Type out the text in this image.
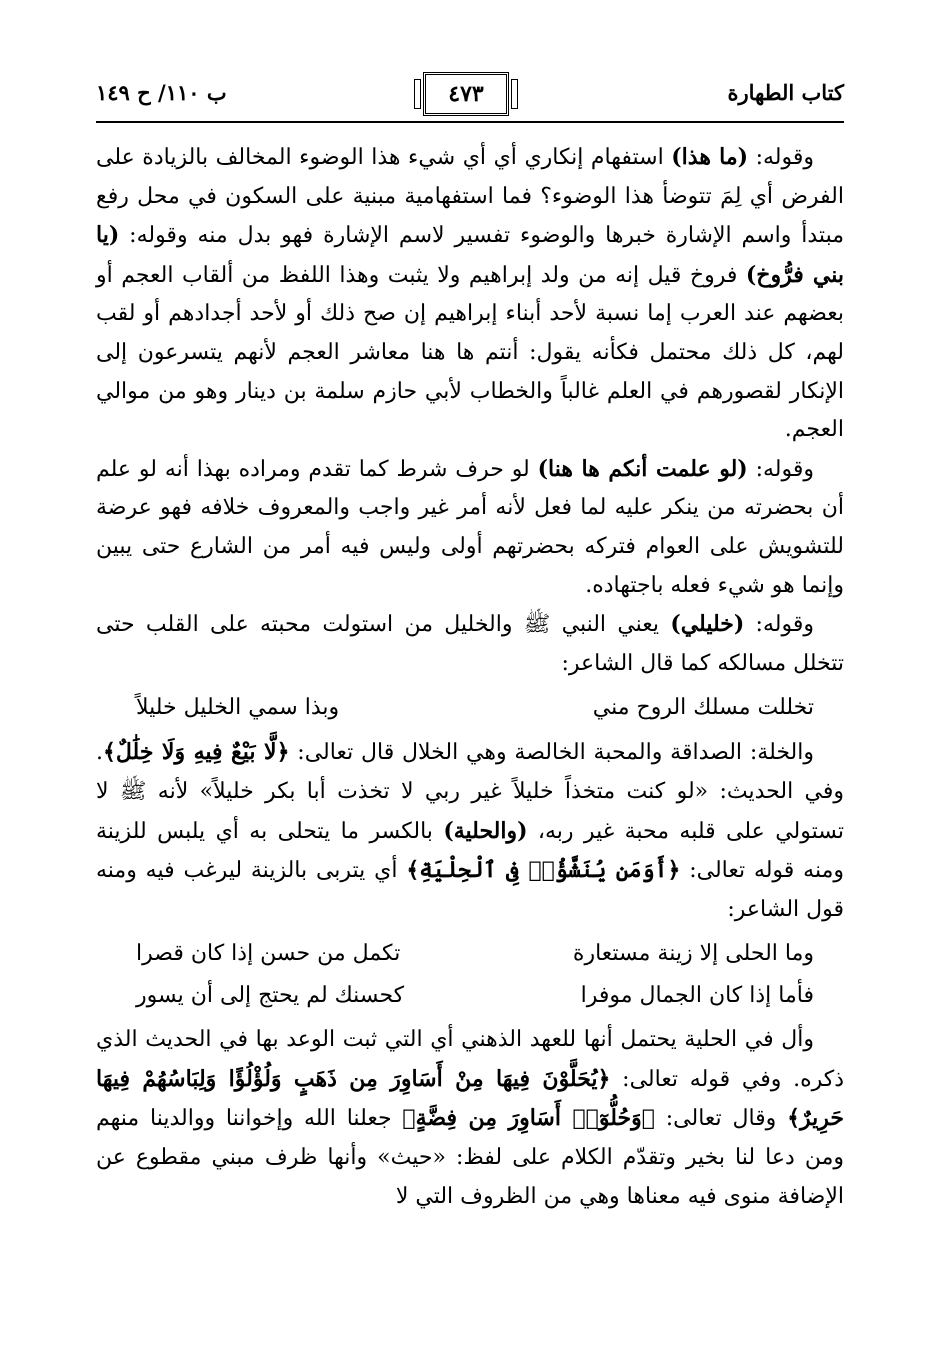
كتاب الطهارة
٤٧٣
ب ١١٠/ ح ١٤٩

وقوله: (ما هذا) استفهام إنكاري أي أي شيء هذا الوضوء المخالف بالزيادة على الفرض أي لِمَ تتوضأ هذا الوضوء؟ فما استفهامية مبنية على السكون في محل رفع مبتدأ واسم الإشارة خبرها والوضوء تفسير لاسم الإشارة فهو بدل منه وقوله: (يا بني فرُّوخ) فروخ قيل إنه من ولد إبراهيم ولا يثبت وهذا اللفظ من ألقاب العجم أو بعضهم عند العرب إما نسبة لأحد أبناء إبراهيم إن صح ذلك أو لأحد أجدادهم أو لقب لهم، كل ذلك محتمل فكأنه يقول: أنتم ها هنا معاشر العجم لأنهم يتسرعون إلى الإنكار لقصورهم في العلم غالباً والخطاب لأبي حازم سلمة بن دينار وهو من موالي العجم.

وقوله: (لو علمت أنكم ها هنا) لو حرف شرط كما تقدم ومراده بهذا أنه لو علم أن بحضرته من ينكر عليه لما فعل لأنه أمر غير واجب والمعروف خلافه فهو عرضة للتشويش على العوام فتركه بحضرتهم أولى وليس فيه أمر من الشارع حتى يبين وإنما هو شيء فعله باجتهاده.

وقوله: (خليلي) يعني النبي ﷺ والخليل من استولت محبته على القلب حتى تتخلل مسالكه كما قال الشاعر:

تخللت مسلك الروح مني
وبذا سمي الخليل خليلاً

والخلة: الصداقة والمحبة الخالصة وهي الخلال قال تعالى: ﴿لَّا بَيْعٌ فِيهِ وَلَا خِلَٰلٌ﴾. وفي الحديث: «لو كنت متخذاً خليلاً غير ربي لا تخذت أبا بكر خليلاً» لأنه ﷺ لا تستولي على قلبه محبة غير ربه، (والحلية) بالكسر ما يتحلى به أي يلبس للزينة ومنه قوله تعالى: ﴿أَوَمَن يُنَشَّؤُا۟ فِى ٱلْحِلْيَةِ﴾ أي يتربى بالزينة ليرغب فيه ومنه قول الشاعر:

وما الحلى إلا زينة مستعارة
تكمل من حسن إذا كان قصرا
فأما إذا كان الجمال موفرا
كحسنك لم يحتج إلى أن يسور

وأل في الحلية يحتمل أنها للعهد الذهني أي التي ثبت الوعد بها في الحديث الذي ذكره. وفي قوله تعالى: ﴿يُحَلَّوْنَ فِيهَا مِنْ أَسَاوِرَ مِن ذَهَبٍ وَلُؤْلُؤًا وَلِبَاسُهُمْ فِيهَا حَرِيرٌ﴾ وقال تعالى: ﴿وَحُلُّوٓا۟ أَسَاوِرَ مِن فِضَّةٍ﴾ جعلنا الله وإخواننا ووالدينا منهم ومن دعا لنا بخير وتقدّم الكلام على لفظ: «حيث» وأنها ظرف مبني مقطوع عن الإضافة منوى فيه معناها وهي من الظروف التي لا
